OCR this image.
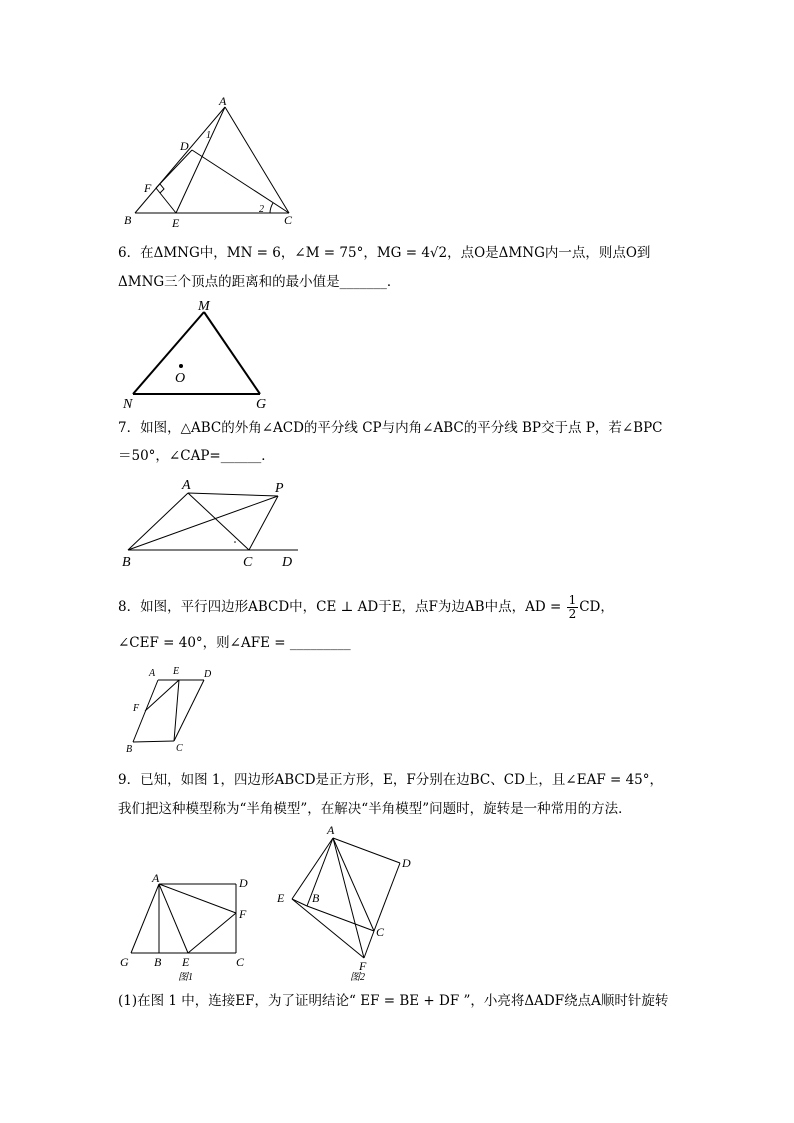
A
D
1
F
B	E
2
C
6．在ΔMNG中，MN = 6，∠M = 75°，MG = 4√2，点O是ΔMNG内一点，则点O到
ΔMNG三个顶点的距离和的最小值是_______．
M
O
N	G
7．如图，△ABC的外角∠ACD的平分线 CP与内角∠ABC的平分线 BP交于点 P，若∠BPC
＝50°，∠CAP=______．
A	P
B	C D
8．如图，平行四边形ABCD中，CE ⊥ AD于E，点F为边AB中点，AD = $\frac{1}{2}$ CD，
∠CEF = 40°，则∠AFE = _________
A E D
F
B	C
9．已知，如图 1，四边形ABCD是正方形，E，F分别在边BC、CD上，且∠EAF = 45°，
我们把这种模型称为“半角模型”，在解决“半角模型”问题时，旋转是一种常用的方法．
A	D
F
G B E	C
图1
A
D
E B
C
F
图2
(1)在图 1 中，连接EF，为了证明结论“ EF = BE + DF ”，小亮将ΔADF绕点A顺时针旋转
